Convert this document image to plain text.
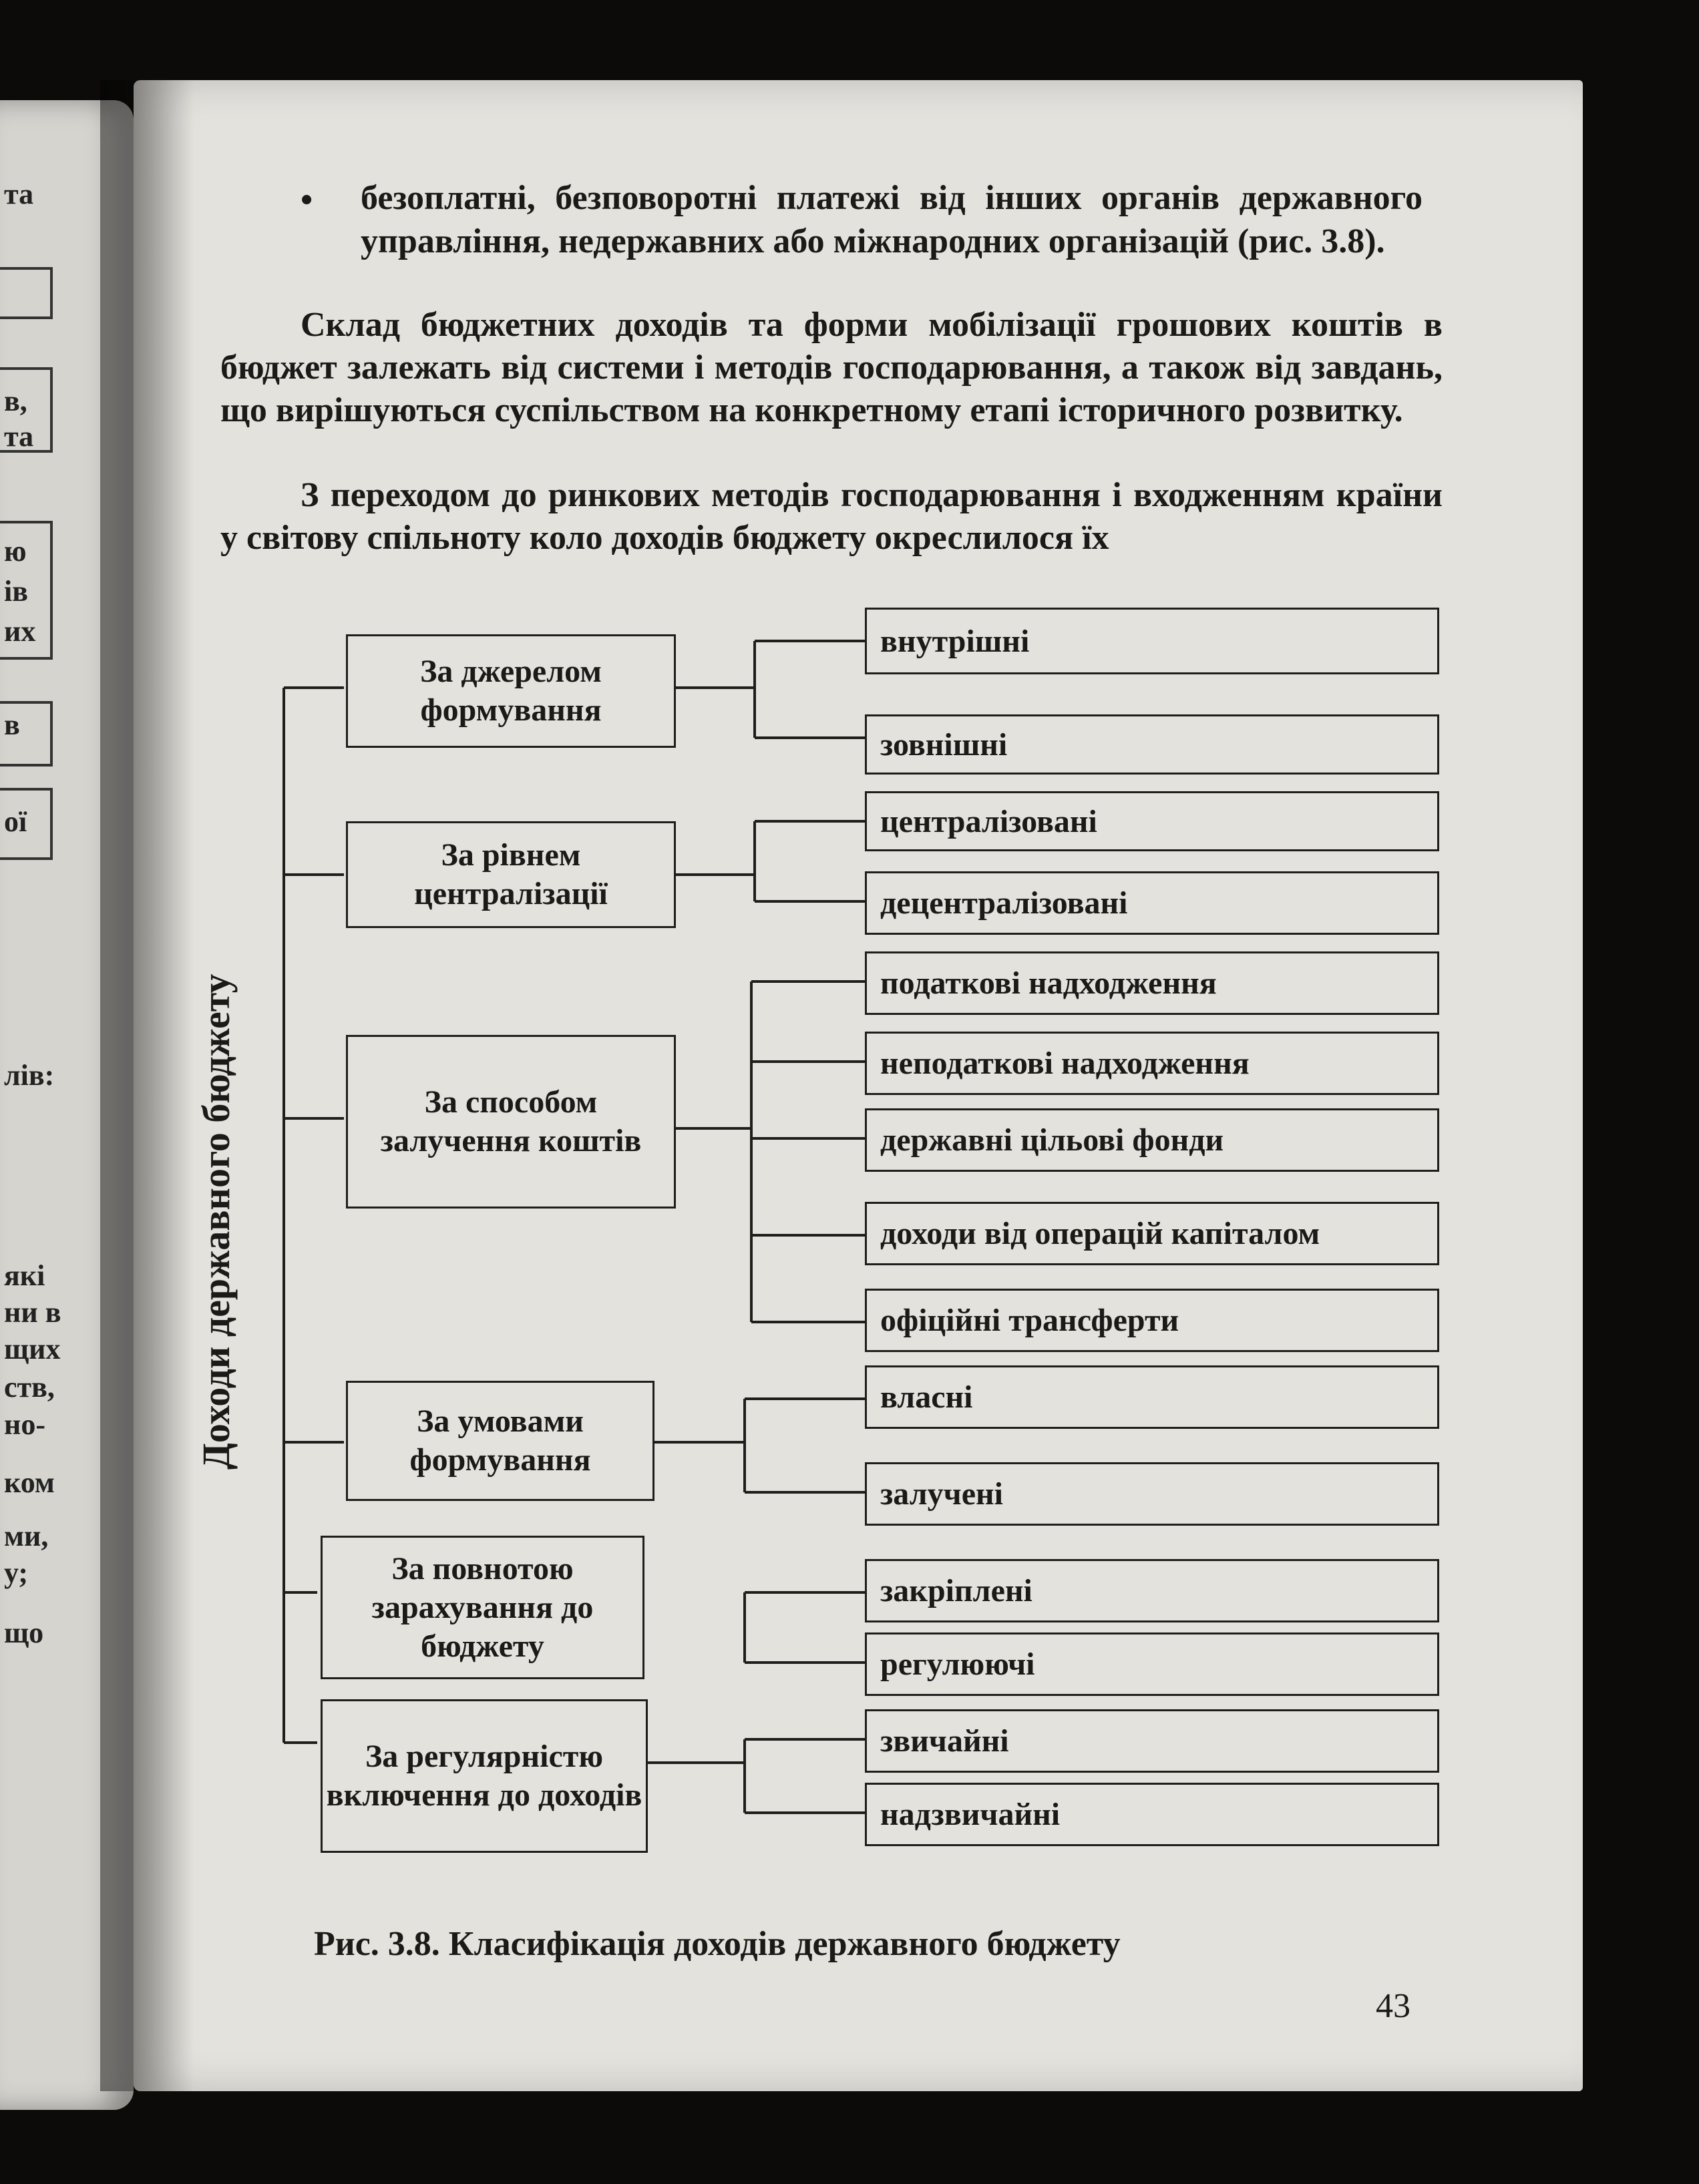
та
в,
та
ю
ів
их
в
ої
лів:
які
ни в
щих
ств,
но-
ком
ми,
у;
що
• безоплатні, безповоротні платежі від інших органів державного управління, недержавних або міжнародних організацій (рис. 3.8).
Склад бюджетних доходів та форми мобілізації грошових коштів в бюджет залежать від системи і методів господарювання, а також від завдань, що вирішуються суспільством на конкретному етапі історичного розвитку.
З переходом до ринкових методів господарювання і входженням країни у світову спільноту коло доходів бюджету окреслилося їх
Доходи державного бюджету
За джерелом формування
За рівнем централізації
За способом залучення коштів
За умовами формування
За повнотою зарахування до бюджету
За регулярністю включення до доходів
внутрішні
зовнішні
централізовані
децентралізовані
податкові надходження
неподаткові надходження
державні цільові фонди
доходи від операцій капіталом
офіційні трансферти
власні
залучені
закріплені
регулюючі
звичайні
надзвичайні
Рис. 3.8. Класифікація доходів державного бюджету
43
